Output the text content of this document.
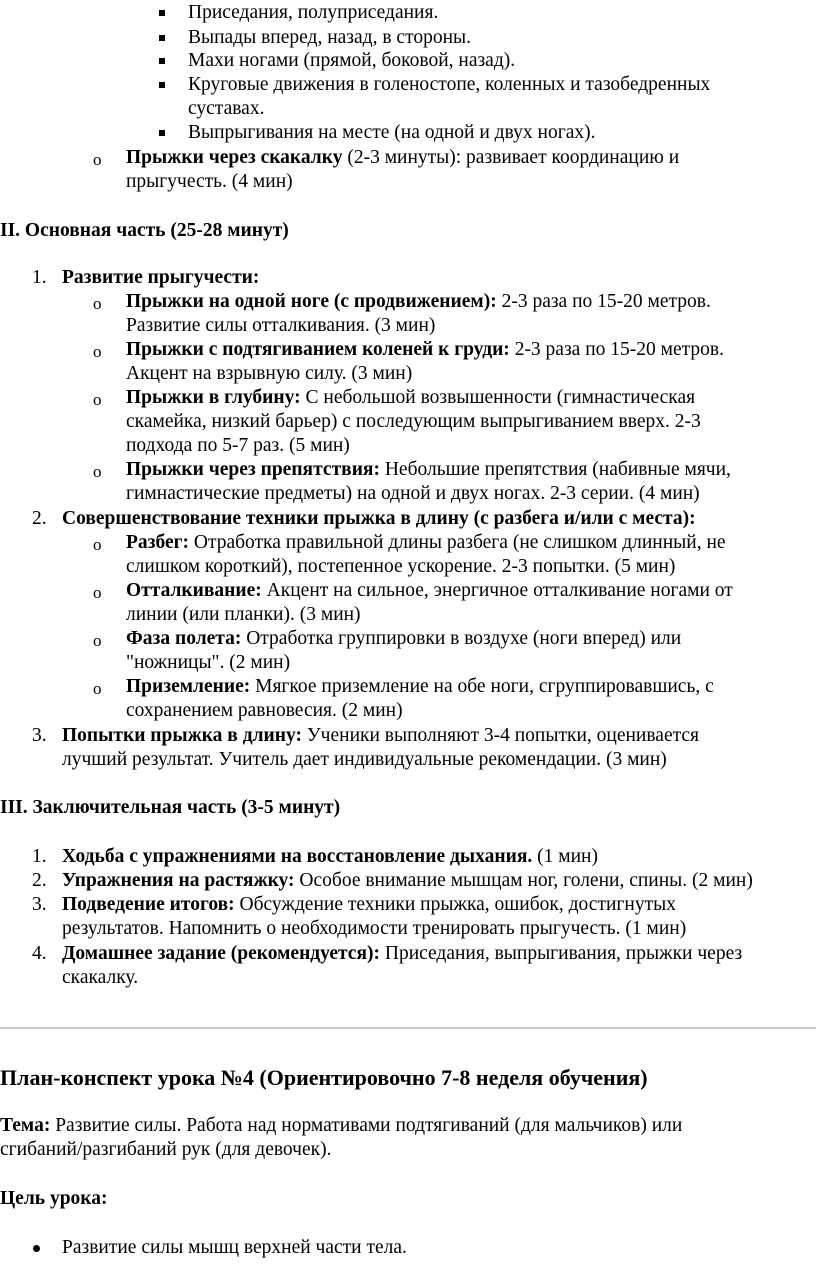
Приседания, полуприседания.
Выпады вперед, назад, в стороны.
Махи ногами (прямой, боковой, назад).
Круговые движения в голеностопе, коленных и тазобедренных
суставах.
Выпрыгивания на месте (на одной и двух ногах).
o Прыжки через скакалку (2-3 минуты): развивает координацию и
прыгучесть. (4 мин)
II. Основная часть (25-28 минут)
1. Развитие прыгучести:
o Прыжки на одной ноге (с продвижением): 2-3 раза по 15-20 метров.
Развитие силы отталкивания. (3 мин)
o Прыжки с подтягиванием коленей к груди: 2-3 раза по 15-20 метров.
Акцент на взрывную силу. (3 мин)
o Прыжки в глубину: С небольшой возвышенности (гимнастическая
скамейка, низкий барьер) с последующим выпрыгиванием вверх. 2-3
подхода по 5-7 раз. (5 мин)
o Прыжки через препятствия: Небольшие препятствия (набивные мячи,
гимнастические предметы) на одной и двух ногах. 2-3 серии. (4 мин)
2. Совершенствование техники прыжка в длину (с разбега и/или с места):
o Разбег: Отработка правильной длины разбега (не слишком длинный, не
слишком короткий), постепенное ускорение. 2-3 попытки. (5 мин)
o Отталкивание: Акцент на сильное, энергичное отталкивание ногами от
линии (или планки). (3 мин)
o Фаза полета: Отработка группировки в воздухе (ноги вперед) или
"ножницы". (2 мин)
o Приземление: Мягкое приземление на обе ноги, сгруппировавшись, с
сохранением равновесия. (2 мин)
3. Попытки прыжка в длину: Ученики выполняют 3-4 попытки, оценивается
лучший результат. Учитель дает индивидуальные рекомендации. (3 мин)
III. Заключительная часть (3-5 минут)
1. Ходьба с упражнениями на восстановление дыхания. (1 мин)
2. Упражнения на растяжку: Особое внимание мышцам ног, голени, спины. (2 мин)
3. Подведение итогов: Обсуждение техники прыжка, ошибок, достигнутых
результатов. Напомнить о необходимости тренировать прыгучесть. (1 мин)
4. Домашнее задание (рекомендуется): Приседания, выпрыгивания, прыжки через
скакалку.
План-конспект урока №4 (Ориентировочно 7-8 неделя обучения)
Тема: Развитие силы. Работа над нормативами подтягиваний (для мальчиков) или
сгибаний/разгибаний рук (для девочек).
Цель урока:
Развитие силы мышц верхней части тела.
